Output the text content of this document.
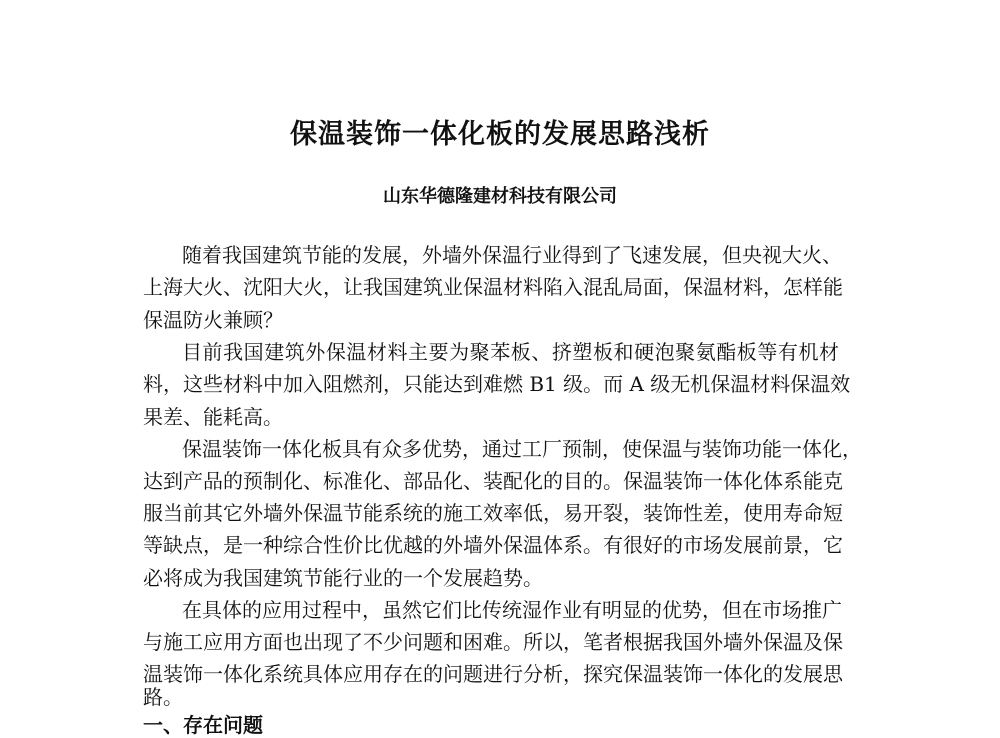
保温装饰一体化板的发展思路浅析
山东华德隆建材科技有限公司
随着我国建筑节能的发展，外墙外保温行业得到了飞速发展，但央视大火、
上海大火、沈阳大火，让我国建筑业保温材料陷入混乱局面，保温材料，怎样能
保温防火兼顾？
目前我国建筑外保温材料主要为聚苯板、挤塑板和硬泡聚氨酯板等有机材
料，这些材料中加入阻燃剂，只能达到难燃 B1 级。而 A 级无机保温材料保温效
果差、能耗高。
保温装饰一体化板具有众多优势，通过工厂预制，使保温与装饰功能一体化，
达到产品的预制化、标准化、部品化、装配化的目的。保温装饰一体化体系能克
服当前其它外墙外保温节能系统的施工效率低，易开裂，装饰性差，使用寿命短
等缺点，是一种综合性价比优越的外墙外保温体系。有很好的市场发展前景，它
必将成为我国建筑节能行业的一个发展趋势。
在具体的应用过程中，虽然它们比传统湿作业有明显的优势，但在市场推广
与施工应用方面也出现了不少问题和困难。所以，笔者根据我国外墙外保温及保
温装饰一体化系统具体应用存在的问题进行分析，探究保温装饰一体化的发展思
路。
一、存在问题
